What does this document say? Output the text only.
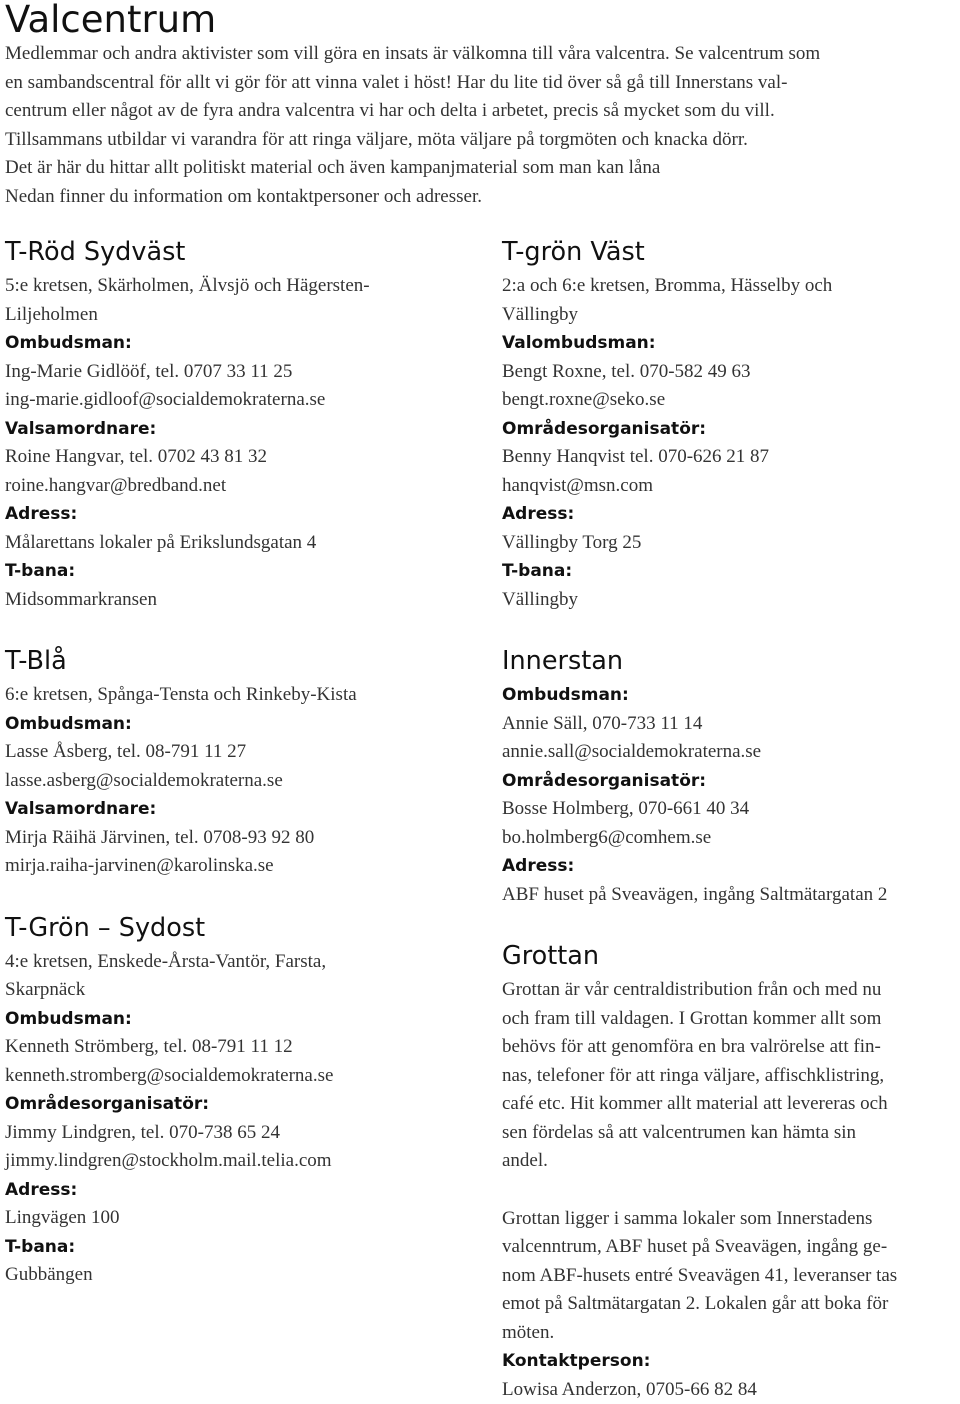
Valcentrum

Medlemmar och andra aktivister som vill göra en insats är välkomna till våra valcentra. Se valcentrum som

en sambandscentral för allt vi gör för att vinna valet i höst! Har du lite tid över så gå till Innerstans val-

centrum eller något av de fyra andra valcentra vi har och delta i arbetet, precis så mycket som du vill.

Tillsammans utbildar vi varandra för att ringa väljare, möta väljare på torgmöten och knacka dörr.

Det är här du hittar allt politiskt material och även kampanjmaterial som man kan låna

Nedan finner du information om kontaktpersoner och adresser.

T-Röd Sydväst
5:e kretsen, Skärholmen, Älvsjö och Hägersten-
Liljeholmen
Ombudsman:
Ing-Marie Gidlööf, tel. 0707 33 11 25
ing-marie.gidloof@socialdemokraterna.se
Valsamordnare:
Roine Hangvar, tel. 0702 43 81 32
roine.hangvar@bredband.net
Adress:
Målarettans lokaler på Erikslundsgatan 4
T-bana:
Midsommarkransen
T-Blå
6:e kretsen, Spånga-Tensta och Rinkeby-Kista
Ombudsman:
Lasse Åsberg, tel. 08-791 11 27
lasse.asberg@socialdemokraterna.se
Valsamordnare:
Mirja Räihä Järvinen, tel. 0708-93 92 80
mirja.raiha-jarvinen@karolinska.se
T-Grön – Sydost
4:e kretsen, Enskede-Årsta-Vantör, Farsta,
Skarpnäck
Ombudsman:
Kenneth Strömberg, tel. 08-791 11 12
kenneth.stromberg@socialdemokraterna.se
Områdesorganisatör:
Jimmy Lindgren, tel. 070-738 65 24
jimmy.lindgren@stockholm.mail.telia.com
Adress:
Lingvägen 100
T-bana:
Gubbängen
T-grön Väst
2:a och 6:e kretsen, Bromma, Hässelby och
Vällingby
Valombudsman:
Bengt Roxne, tel. 070-582 49 63
bengt.roxne@seko.se
Områdesorganisatör:
Benny Hanqvist tel. 070-626 21 87
hanqvist@msn.com
Adress:
Vällingby Torg 25
T-bana:
Vällingby
Innerstan
Ombudsman:
Annie Säll, 070-733 11 14
annie.sall@socialdemokraterna.se
Områdesorganisatör:
Bosse Holmberg, 070-661 40 34
bo.holmberg6@comhem.se
Adress:
ABF huset på Sveavägen, ingång Saltmätargatan 2
Grottan
Grottan är vår centraldistribution från och med nu
och fram till valdagen. I Grottan kommer allt som
behövs för att genomföra en bra valrörelse att fin-
nas, telefoner för att ringa väljare, affischklistring,
café etc. Hit kommer allt material att levereras och
sen fördelas så att valcentrumen kan hämta sin
andel.
Grottan ligger i samma lokaler som Innerstadens
valcenntrum, ABF huset på Sveavägen, ingång ge-
nom ABF-husets entré Sveavägen 41, leveranser tas
emot på Saltmätargatan 2. Lokalen går att boka för
möten.
Kontaktperson:
Lowisa Anderzon, 0705-66 82 84
